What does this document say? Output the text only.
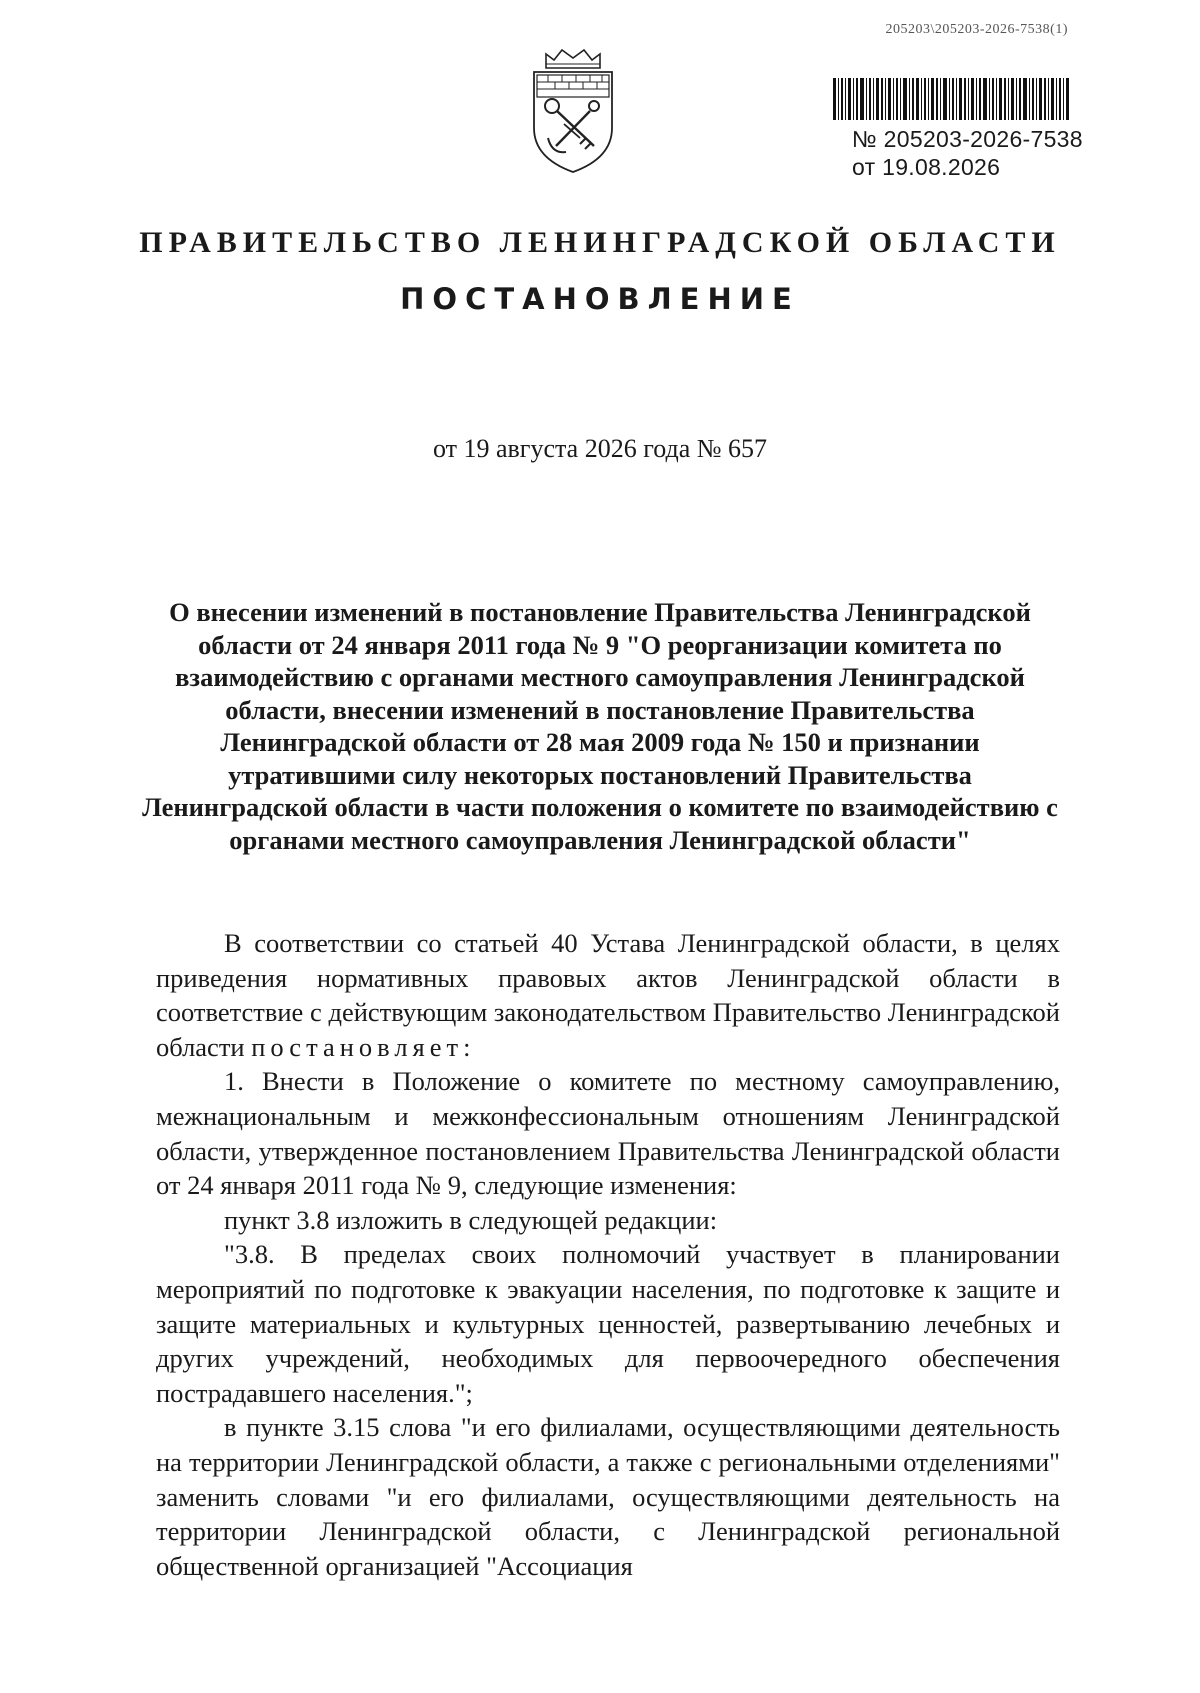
205203\205203-2026-7538(1)
№ 205203-2026-7538
от 19.08.2026
ПРАВИТЕЛЬСТВО ЛЕНИНГРАДСКОЙ ОБЛАСТИ
ПОСТАНОВЛЕНИЕ
от 19 августа 2026 года № 657
О внесении изменений в постановление Правительства Ленинградской области от 24 января 2011 года № 9 "О реорганизации комитета по взаимодействию с органами местного самоуправления Ленинградской области, внесении изменений в постановление Правительства Ленинградской области от 28 мая 2009 года № 150 и признании утратившими силу некоторых постановлений Правительства Ленинградской области в части положения о комитете по взаимодействию с органами местного самоуправления Ленинградской области"

В соответствии со статьей 40 Устава Ленинградской области, в целях приведения нормативных правовых актов Ленинградской области в соответствие с действующим законодательством Правительство Ленинградской области постановляет:

1. Внести в Положение о комитете по местному самоуправлению, межнациональным и межконфессиональным отношениям Ленинградской области, утвержденное постановлением Правительства Ленинградской области от 24 января 2011 года № 9, следующие изменения:

пункт 3.8 изложить в следующей редакции:

"3.8. В пределах своих полномочий участвует в планировании мероприятий по подготовке к эвакуации населения, по подготовке к защите и защите материальных и культурных ценностей, развертыванию лечебных и других учреждений, необходимых для первоочередного обеспечения пострадавшего населения.";

в пункте 3.15 слова "и его филиалами, осуществляющими деятельность на территории Ленинградской области, а также с региональными отделениями" заменить словами "и его филиалами, осуществляющими деятельность на территории Ленинградской области, с Ленинградской региональной общественной организацией "Ассоциация
